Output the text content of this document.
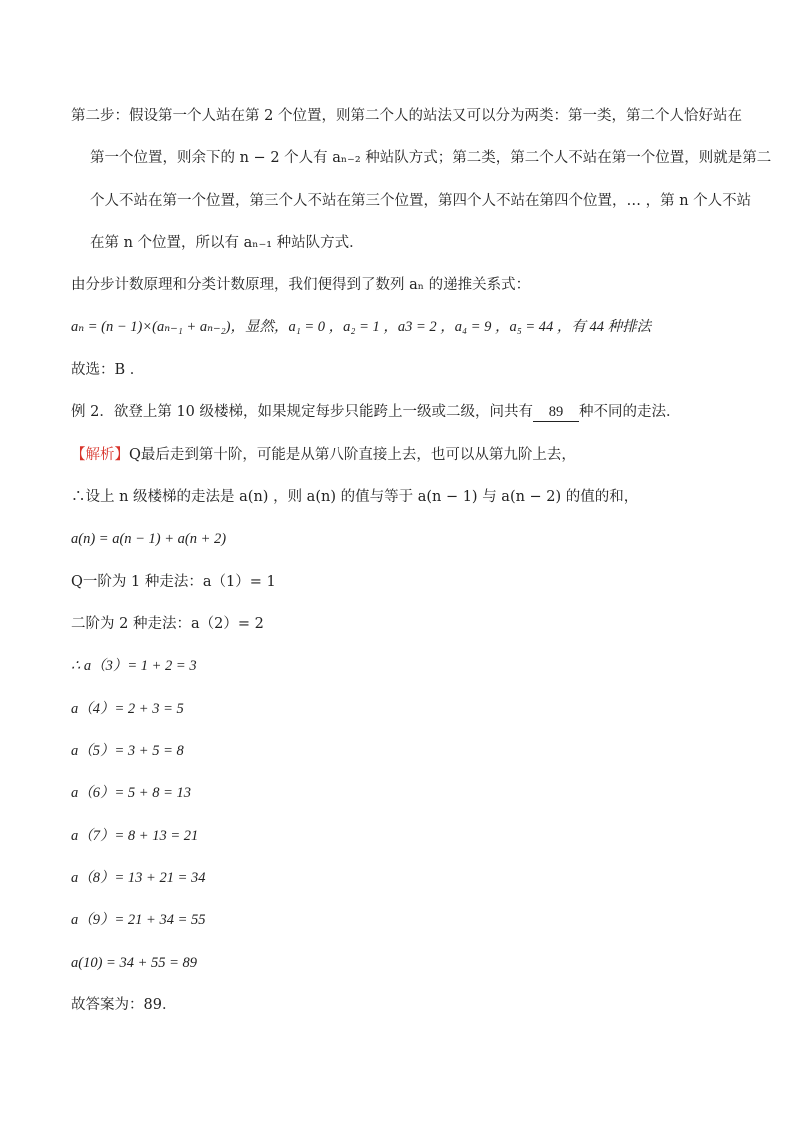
第二步：假设第一个人站在第 2 个位置，则第二个人的站法又可以分为两类：第一类，第二个人恰好站在
第一个位置，则余下的 n − 2 个人有 aₙ₋₂ 种站队方式；第二类，第二个人不站在第一个位置，则就是第二
个人不站在第一个位置，第三个人不站在第三个位置，第四个人不站在第四个位置，… ，第 n 个人不站
在第 n 个位置，所以有 aₙ₋₁ 种站队方式．
由分步计数原理和分类计数原理，我们便得到了数列 aₙ 的递推关系式：
aₙ = (n − 1)×(aₙ₋₁ + aₙ₋₂)，显然，a₁ = 0 ，a₂ = 1 ，a3 = 2 ，a₄ = 9 ，a₅ = 44 ，有 44 种排法
故选：B ．
例 2．欲登上第 10 级楼梯，如果规定每步只能跨上一级或二级，问共有 89 种不同的走法．
【解析】Q最后走到第十阶，可能是从第八阶直接上去，也可以从第九阶上去，
∴设上 n 级楼梯的走法是 a(n) ，则 a(n) 的值与等于 a(n − 1) 与 a(n − 2) 的值的和，
a(n) = a(n − 1) + a(n + 2)
Q一阶为 1 种走法：a（1）= 1
二阶为 2 种走法：a（2）= 2
∴ a（3）= 1 + 2 = 3
a（4）= 2 + 3 = 5
a（5）= 3 + 5 = 8
a（6）= 5 + 8 = 13
a（7）= 8 + 13 = 21
a（8）= 13 + 21 = 34
a（9）= 21 + 34 = 55
a(10) = 34 + 55 = 89
故答案为：89．
